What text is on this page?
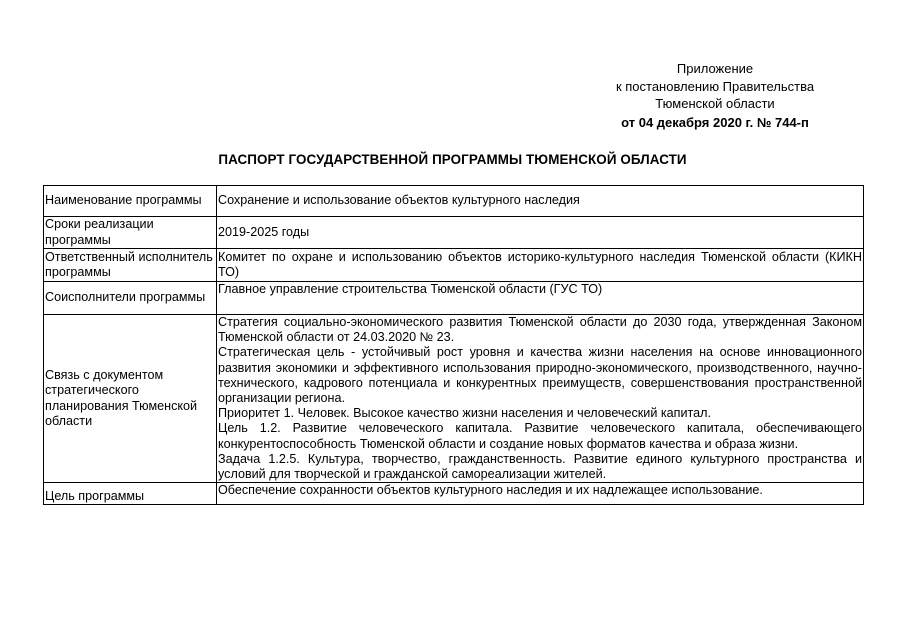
Приложение
к постановлению Правительства
Тюменской области
от 04 декабря 2020 г. № 744-п
ПАСПОРТ ГОСУДАРСТВЕННОЙ ПРОГРАММЫ ТЮМЕНСКОЙ ОБЛАСТИ
Наименование программы	Сохранение и использование объектов культурного наследия
Сроки реализации программы	2019-2025 годы
Ответственный исполнитель программы	Комитет по охране и использованию объектов историко-культурного наследия Тюменской области (КИКН ТО)
Соисполнители программы	Главное управление строительства Тюменской области (ГУС ТО)
Связь с документом стратегического планирования Тюменской области	Стратегия социально-экономического развития Тюменской области до 2030 года, утвержденная Законом Тюменской области от 24.03.2020 № 23.

Стратегическая цель - устойчивый рост уровня и качества жизни населения на основе инновационного развития экономики и эффективного использования природно-экономического, производственного, научно-технического, кадрового потенциала и конкурентных преимуществ, совершенствования пространственной организации региона.

Приоритет 1. Человек. Высокое качество жизни населения и человеческий капитал.

Цель 1.2. Развитие человеческого капитала. Развитие человеческого капитала, обеспечивающего конкурентоспособность Тюменской области и создание новых форматов качества и образа жизни.

Задача 1.2.5. Культура, творчество, гражданственность. Развитие единого культурного пространства и условий для творческой и гражданской самореализации жителей.

Цель программы	Обеспечение сохранности объектов культурного наследия и их надлежащее использование.
